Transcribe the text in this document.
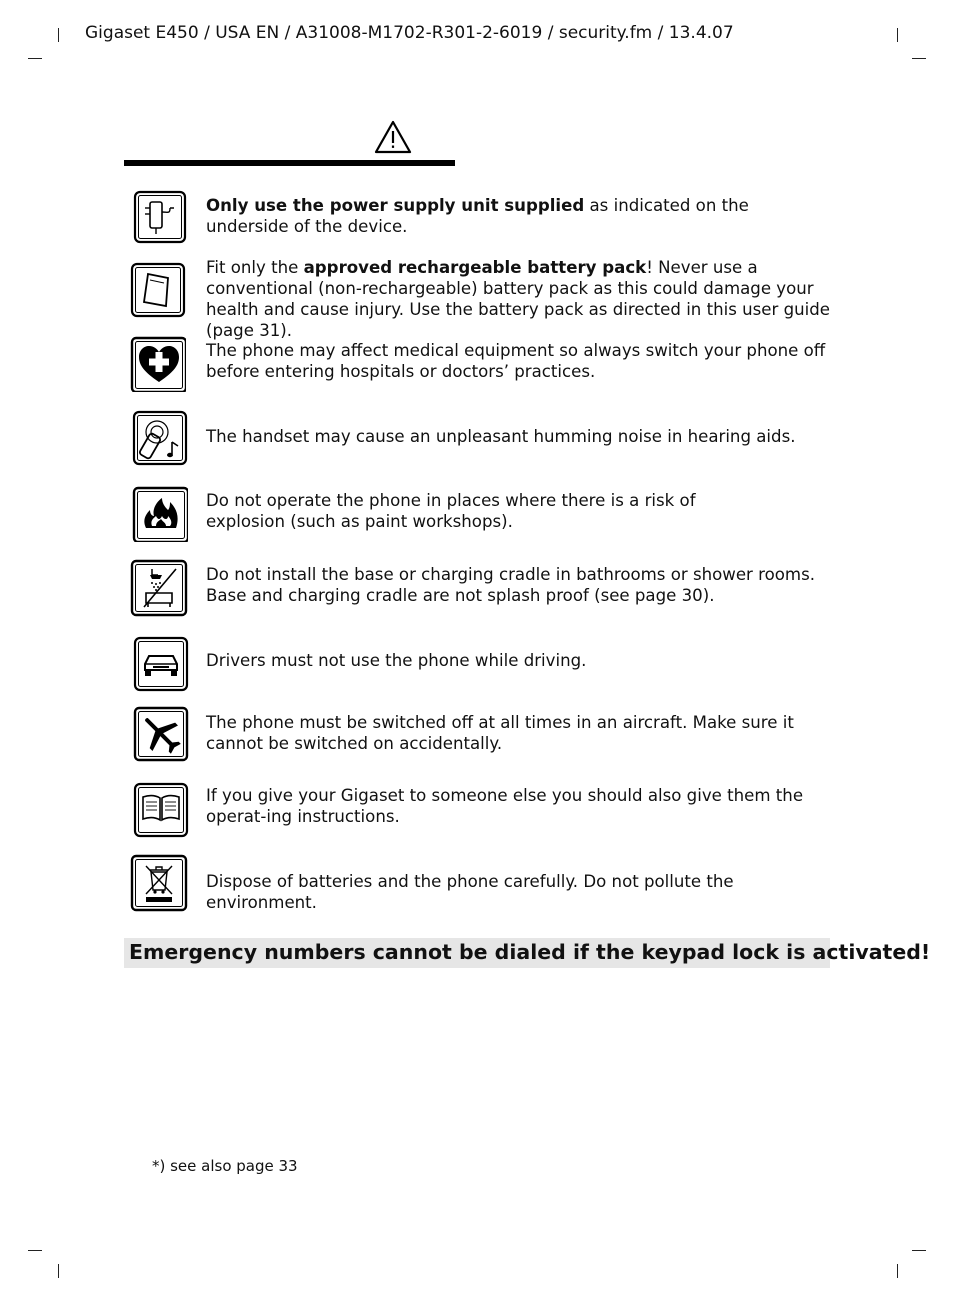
Gigaset E450 / USA EN / A31008-M1702-R301-2-6019 / security.fm / 13.4.07
Only use the power supply unit supplied as indicated on the underside of the device.
Fit only the approved rechargeable battery pack! Never use a conventional (non-rechargeable) battery pack as this could damage your health and cause injury. Use the battery pack as directed in this user guide (page 31).
The phone may affect medical equipment so always switch your phone off before entering hospitals or doctors’ practices.
The handset may cause an unpleasant humming noise in hearing aids.
Do not operate the phone in places where there is a risk of explosion (such as paint workshops).
Do not install the base or charging cradle in bathrooms or shower rooms. Base and charging cradle are not splash proof (see page 30).
Drivers must not use the phone while driving.
The phone must be switched off at all times in an aircraft. Make sure it cannot be switched on accidentally.
If you give your Gigaset to someone else you should also give them the operat-ing instructions.
Dispose of batteries and the phone carefully. Do not pollute the environment.
Emergency numbers cannot be dialed if the keypad lock is activated!
*) see also page 33
